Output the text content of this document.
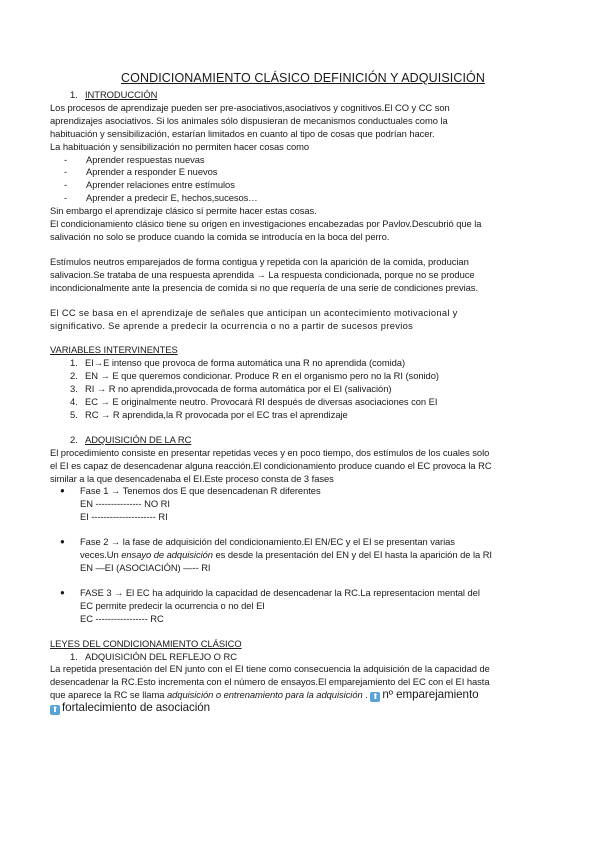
CONDICIONAMIENTO CLÁSICO DEFINICIÓN Y ADQUISICIÓN

1. INTRODUCCIÓN

Los procesos de aprendizaje pueden ser pre-asociativos,asociativos y cognitivos.El CO y CC son

aprendizajes asociativos. Si los animales sólo dispusieran de mecanismos conductuales como la

habituación y sensibilización, estarían limitados en cuanto al tipo de cosas que podrían hacer.

La habituación y sensibilización no permiten hacer cosas como

-	Aprender respuestas nuevas
-	Aprender a responder E nuevos
-	Aprender relaciones entre estímulos
-	Aprender a predecir E, hechos,sucesos…

Sin embargo el aprendizaje clásico sí permite hacer estas cosas.

El condicionamiento clásico tiene su origen en investigaciones encabezadas por Pavlov.Descubrió que la

salivación no solo se produce cuando la comida se introducía en la boca del perro.

Estímulos neutros emparejados de forma contigua y repetida con la aparición de la comida, producian

salivacion.Se trataba de una respuesta aprendida → La respuesta condicionada, porque no se produce

incondicionalmente ante la presencia de comida si no que requería de una serie de condiciones previas.

El CC se basa en el aprendizaje de señales que anticipan un acontecimiento motivacional y

significativo. Se aprende a predecir la ocurrencia o no a partir de sucesos previos

VARIABLES INTERVINENTES

1. EI→E intenso que provoca de forma automática una R no aprendida (comida)
2. EN → E que queremos condicionar. Produce R en el organismo pero no la RI (sonido)
3. RI → R no aprendida,provocada de forma automática por el EI (salivación)
4. EC → E originalmente neutro. Provocará RI después de diversas asociaciones con EI
5. RC → R aprendida,la R provocada por el EC tras el aprendizaje
2. ADQUISICIÓN DE LA RC

El procedimiento consiste en presentar repetidas veces y en poco tiempo, dos estímulos de los cuales solo

el EI es capaz de desencadenar alguna reacción.El condicionamiento produce cuando el EC provoca la RC

similar a la que desencadenaba el EI.Este proceso consta de 3 fases

●	Fase 1 → Tenemos dos E que desencadenan R diferentes

EN --------------- NO RI

EI --------------------- RI

●	Fase 2 → la fase de adquisición del condicionamiento.El EN/EC y el EI se presentan varias

veces.Un ensayo de adquisición es desde la presentación del EN y del EI hasta la aparición de la RI

EN —EI (ASOCIACIÓN) —-- RI

●	FASE 3 → El EC ha adquirido la capacidad de desencadenar la RC.La representacion mental del

EC permite predecir la ocurrencia o no del EI

EC ----------------- RC

LEYES DEL CONDICIONAMIENTO CLÁSICO

1. ADQUISICIÓN DEL REFLEJO O RC

La repetida presentación del EN junto con el EI tiene como consecuencia la adquisición de la capacidad de

desencadenar la RC.Esto incrementa con el número de ensayos.El emparejamiento del EC con el EI hasta

que aparece la RC se llama adquisición o entrenamiento para la adquisición . ⬆ nº emparejamiento

⬆ fortalecimiento de asociación
